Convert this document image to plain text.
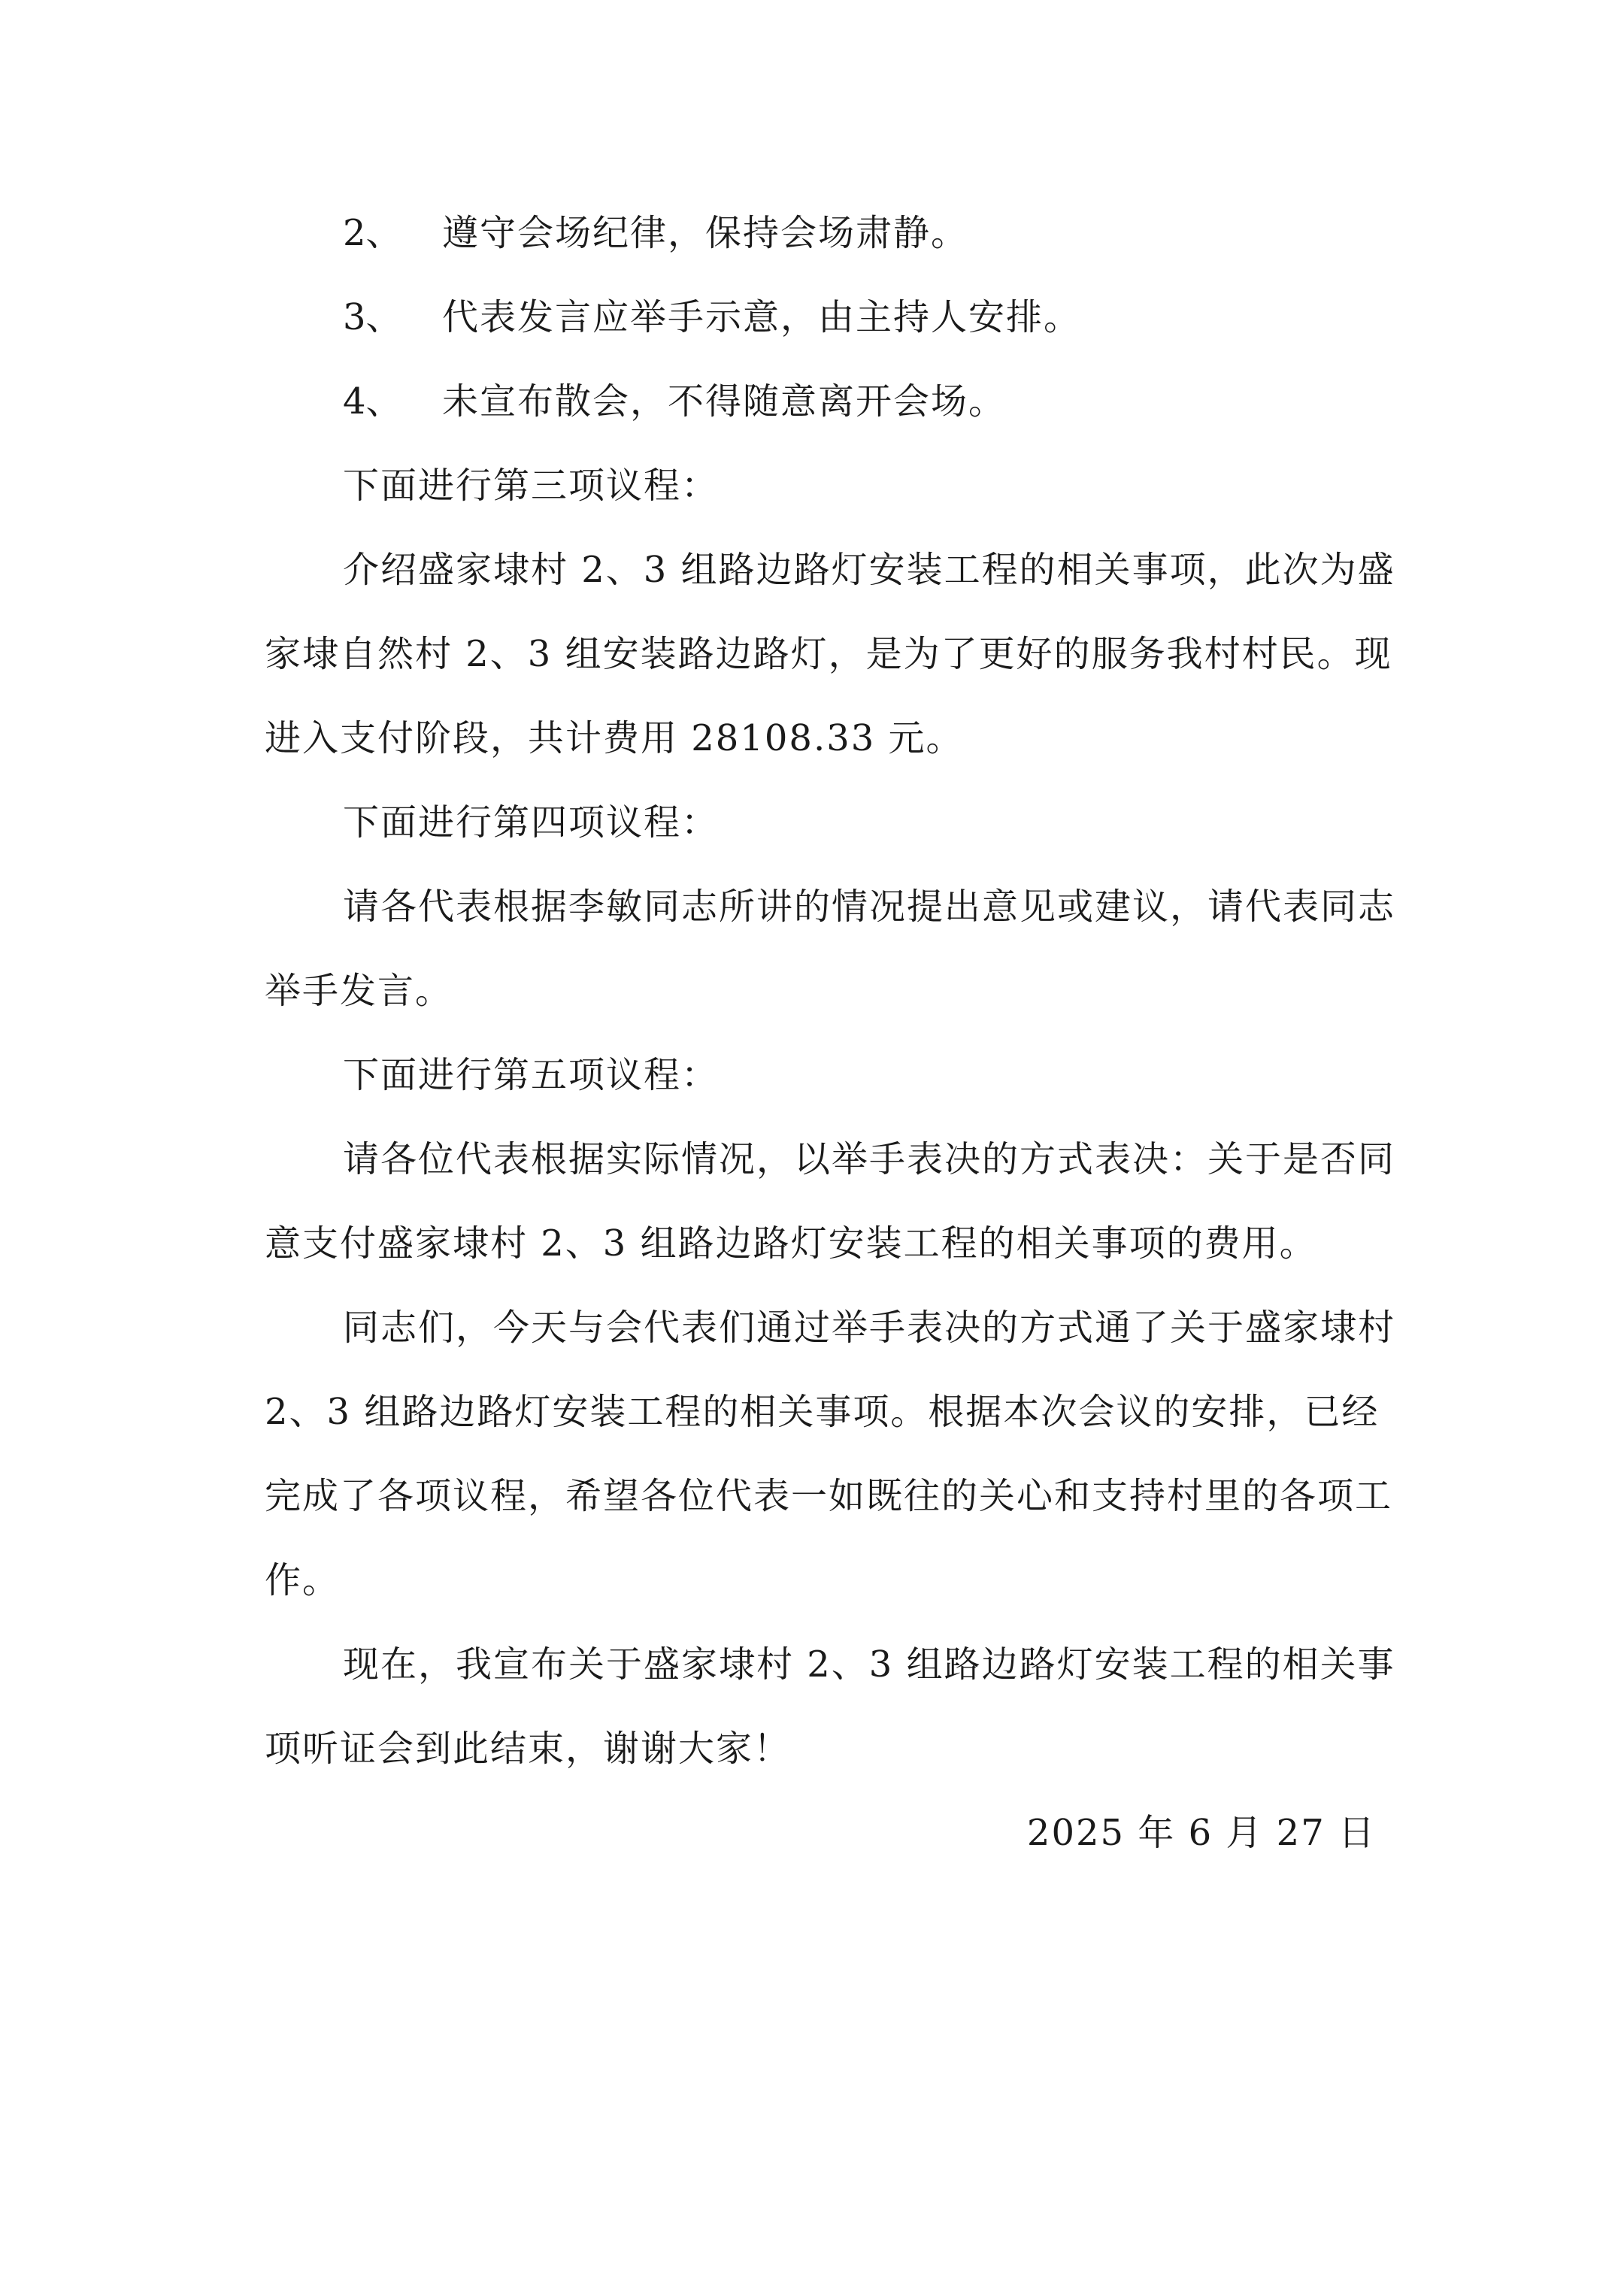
2、 遵守会场纪律，保持会场肃静。
3、 代表发言应举手示意，由主持人安排。
4、 未宣布散会，不得随意离开会场。
下面进行第三项议程：
介绍盛家埭村 2、3 组路边路灯安装工程的相关事项，此次为盛
家埭自然村 2、3 组安装路边路灯，是为了更好的服务我村村民。现
进入支付阶段，共计费用 28108.33 元。
下面进行第四项议程：
请各代表根据李敏同志所讲的情况提出意见或建议，请代表同志
举手发言。
下面进行第五项议程：
请各位代表根据实际情况，以举手表决的方式表决：关于是否同
意支付盛家埭村 2、3 组路边路灯安装工程的相关事项的费用。
同志们，今天与会代表们通过举手表决的方式通了关于盛家埭村
2、3 组路边路灯安装工程的相关事项。根据本次会议的安排，已经
完成了各项议程，希望各位代表一如既往的关心和支持村里的各项工
作。
现在，我宣布关于盛家埭村 2、3 组路边路灯安装工程的相关事
项听证会到此结束，谢谢大家！
2025 年 6 月 27 日
